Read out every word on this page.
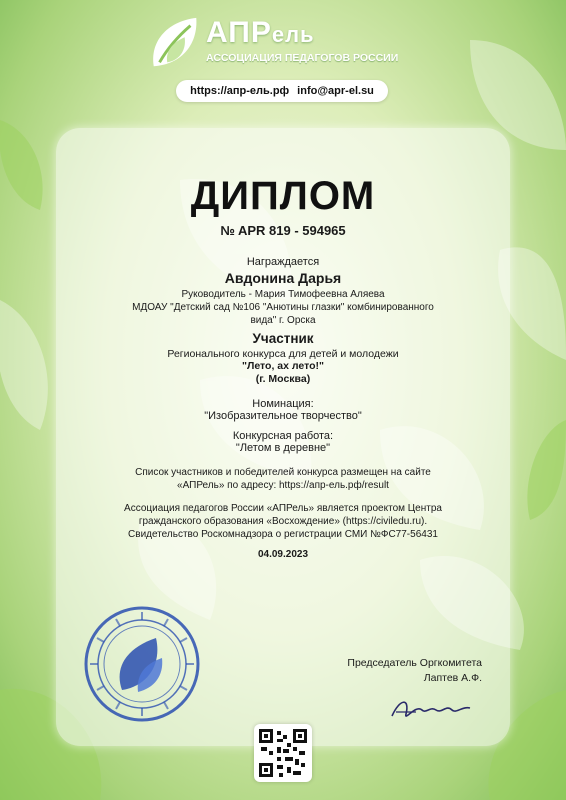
АПРель
АССОЦИАЦИЯ ПЕДАГОГОВ РОССИИ
https://апр-ель.рф info@apr-el.su
ДИПЛОМ
№ APR 819 - 594965
Награждается
Авдонина Дарья
Руководитель - Мария Тимофеевна Аляева
МДОАУ "Детский сад №106 "Анютины глазки" комбинированного вида" г. Орска
Участник
Регионального конкурса для детей и молодежи
"Лето, ах лето!"
(г. Москва)
Номинация:
"Изобразительное творчество"
Конкурсная работа:
"Летом в деревне"
Список участников и победителей конкурса размещен на сайте «АПРель» по адресу: https://апр-ель.рф/result
Ассоциация педагогов России «АПРель» является проектом Центра гражданского образования «Восхождение» (https://civiledu.ru). Свидетельство Роскомнадзора о регистрации СМИ №ФС77-56431
04.09.2023
Председатель Оргкомитета
Лаптев А.Ф.
